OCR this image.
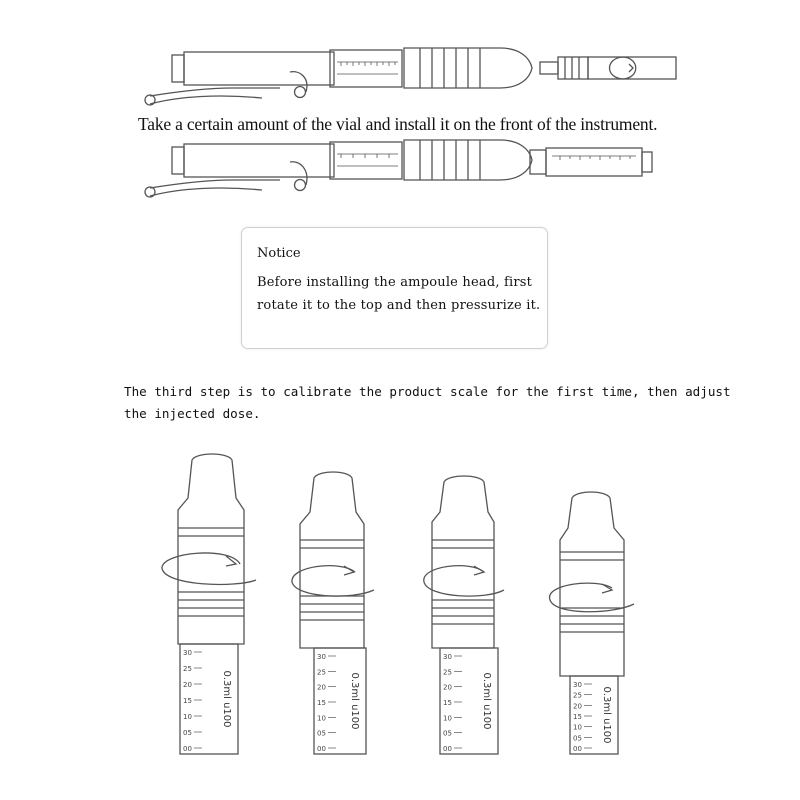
30
25
20
15
10
05
00
0.3ml u100
30
25
20
15
10
05
00
0.3ml u100
30
25
20
15
10
05
00
0.3ml u100	30
25
20
15
10
05
00
0.3ml u100
Take a certain amount of the vial and install it on the front of the instrument.
Notice
Before installing the ampoule head, first rotate it to the top and then pressurize it.
The third step is to calibrate the product scale for the first time, then adjust the injected dose.
